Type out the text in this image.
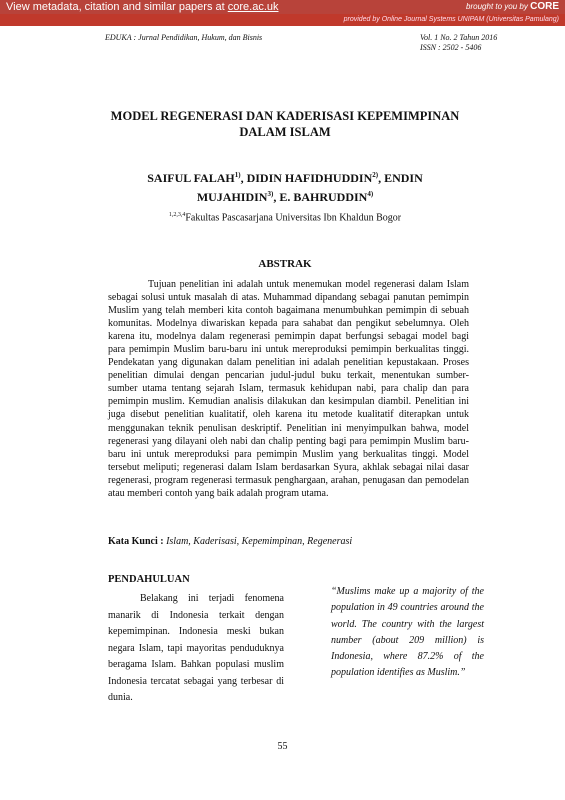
View metadata, citation and similar papers at core.ac.uk	brought to you by CORE
provided by Online Journal Systems UNIPAM (Universitas Pamulang)
EDUKA : Jurnal Pendidikan, Hukum, dan Bisnis	Vol. 1 No. 2 Tahun 2016
ISSN : 2502 - 5406
MODEL REGENERASI DAN KADERISASI KEPEMIMPINAN DALAM ISLAM
SAIFUL FALAH$^{1)}$, DIDIN HAFIDHUDDIN$^{2)}$, ENDIN MUJAHIDIN$^{3)}$, E. BAHRUDDIN$^{4)}$
$^{1,2,3,4}$Fakultas Pascasarjana Universitas Ibn Khaldun Bogor
ABSTRAK

Tujuan penelitian ini adalah untuk menemukan model regenerasi dalam Islam sebagai solusi untuk masalah di atas. Muhammad dipandang sebagai panutan pemimpin Muslim yang telah memberi kita contoh bagaimana menumbuhkan pemimpin di sebuah komunitas. Modelnya diwariskan kepada para sahabat dan pengikut sebelumnya. Oleh karena itu, modelnya dalam regenerasi pemimpin dapat berfungsi sebagai model bagi para pemimpin Muslim baru-baru ini untuk mereproduksi pemimpin berkualitas tinggi. Pendekatan yang digunakan dalam penelitian ini adalah penelitian kepustakaan. Proses penelitian dimulai dengan pencarian judul-judul buku terkait, menentukan sumber-sumber utama tentang sejarah Islam, termasuk kehidupan nabi, para chalip dan para pemimpin muslim. Kemudian analisis dilakukan dan kesimpulan diambil. Penelitian ini juga disebut penelitian kualitatif, oleh karena itu metode kualitatif diterapkan untuk menggunakan teknik penulisan deskriptif. Penelitian ini menyimpulkan bahwa, model regenerasi yang dilayani oleh nabi dan chalip penting bagi para pemimpin Muslim baru-baru ini untuk mereproduksi para pemimpin Muslim yang berkualitas tinggi. Model tersebut meliputi; regenerasi dalam Islam berdasarkan Syura, akhlak sebagai nilai dasar regenerasi, program regenerasi termasuk penghargaan, arahan, penugasan dan pemodelan atau memberi contoh yang baik adalah program utama.

Kata Kunci : Islam, Kaderisasi, Kepemimpinan, Regenerasi
PENDAHULUAN

Belakang ini terjadi fenomena manarik di Indonesia terkait dengan kepemimpinan. Indonesia meski bukan negara Islam, tapi mayoritas penduduknya beragama Islam. Bahkan populasi muslim Indonesia tercatat sebagai yang terbesar di dunia.

“Muslims make up a majority of the population in 49 countries around the world. The country with the largest number (about 209 million) is Indonesia, where 87.2% of the population identifies as Muslim.”

55
